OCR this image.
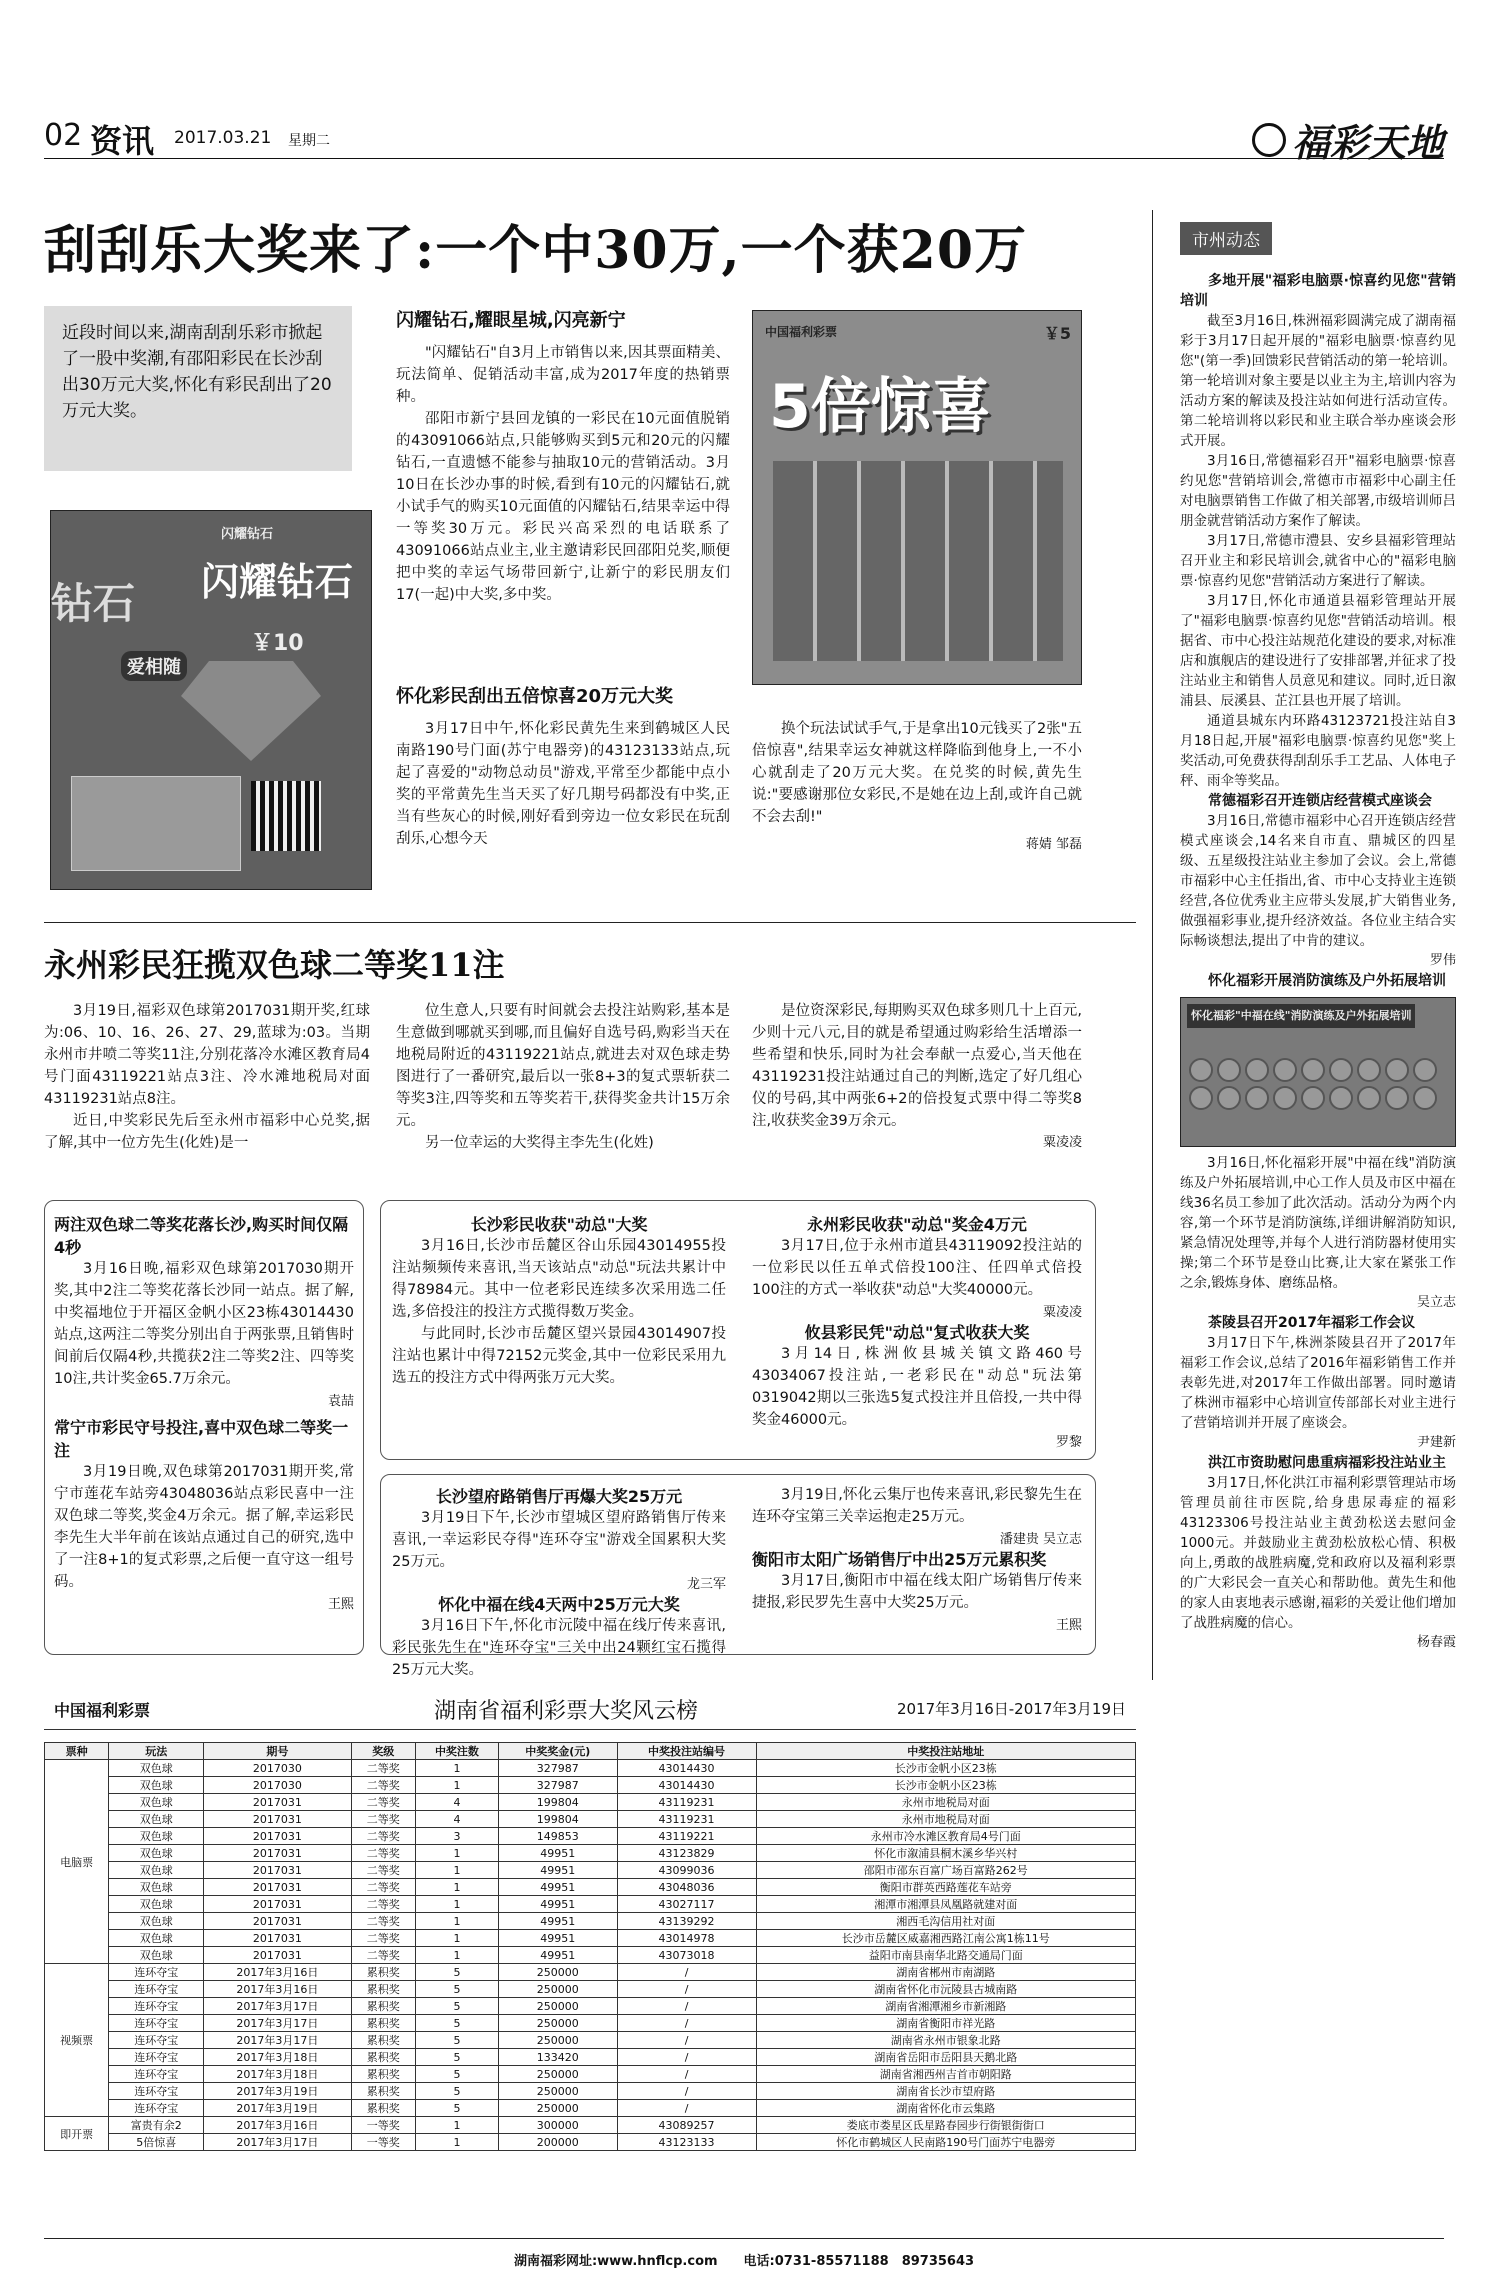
02 资讯 2017.03.21 星期二	福彩天地
刮刮乐大奖来了:一个中30万,一个获20万
近段时间以来,湖南刮刮乐彩市掀起了一股中奖潮,有邵阳彩民在长沙刮出30万元大奖,怀化有彩民刮出了20万元大奖。
闪耀钻石
钻石 闪耀钻石
爱相随
￥10
中国福利彩票	￥5
5倍惊喜
闪耀钻石,耀眼星城,闪亮新宁

"闪耀钻石"自3月上市销售以来,因其票面精美、玩法简单、促销活动丰富,成为2017年度的热销票种。

邵阳市新宁县回龙镇的一彩民在10元面值脱销的43091066站点,只能够购买到5元和20元的闪耀钻石,一直遗憾不能参与抽取10元的营销活动。3月10日在长沙办事的时候,看到有10元的闪耀钻石,就小试手气的购买10元面值的闪耀钻石,结果幸运中得一等奖30万元。彩民兴高采烈的电话联系了43091066站点业主,业主邀请彩民回邵阳兑奖,顺便把中奖的幸运气场带回新宁,让新宁的彩民朋友们17(一起)中大奖,多中奖。

怀化彩民刮出五倍惊喜20万元大奖

3月17日中午,怀化彩民黄先生来到鹤城区人民南路190号门面(苏宁电器旁)的43123133站点,玩起了喜爱的"动物总动员"游戏,平常至少都能中点小奖的平常黄先生当天买了好几期号码都没有中奖,正当有些灰心的时候,刚好看到旁边一位女彩民在玩刮刮乐,心想今天

换个玩法试试手气,于是拿出10元钱买了2张"五倍惊喜",结果幸运女神就这样降临到他身上,一不小心就刮走了20万元大奖。在兑奖的时候,黄先生说:"要感谢那位女彩民,不是她在边上刮,或许自己就不会去刮!"

蒋婧 邹磊
永州彩民狂揽双色球二等奖11注

3月19日,福彩双色球第2017031期开奖,红球为:06、10、16、26、27、29,蓝球为:03。当期永州市井喷二等奖11注,分别花落冷水滩区教育局4号门面43119221站点3注、冷水滩地税局对面43119231站点8注。

近日,中奖彩民先后至永州市福彩中心兑奖,据了解,其中一位方先生(化姓)是一

位生意人,只要有时间就会去投注站购彩,基本是生意做到哪就买到哪,而且偏好自选号码,购彩当天在地税局附近的43119221站点,就进去对双色球走势图进行了一番研究,最后以一张8+3的复式票斩获二等奖3注,四等奖和五等奖若干,获得奖金共计15万余元。

另一位幸运的大奖得主李先生(化姓)

是位资深彩民,每期购买双色球多则几十上百元,少则十元八元,目的就是希望通过购彩给生活增添一些希望和快乐,同时为社会奉献一点爱心,当天他在43119231投注站通过自己的判断,选定了好几组心仪的号码,其中两张6+2的倍投复式票中得二等奖8注,收获奖金39万余元。

粟凌凌
两注双色球二等奖花落长沙,购买时间仅隔4秒

3月16日晚,福彩双色球第2017030期开奖,其中2注二等奖花落长沙同一站点。据了解,中奖福地位于开福区金帆小区23栋43014430站点,这两注二等奖分别出自于两张票,且销售时间前后仅隔4秒,共揽获2注二等奖2注、四等奖10注,共计奖金65.7万余元。

袁喆
常宁市彩民守号投注,喜中双色球二等奖一注

3月19日晚,双色球第2017031期开奖,常宁市莲花车站旁43048036站点彩民喜中一注双色球二等奖,奖金4万余元。据了解,幸运彩民李先生大半年前在该站点通过自己的研究,选中了一注8+1的复式彩票,之后便一直守这一组号码。

王熙
长沙彩民收获"动总"大奖

3月16日,长沙市岳麓区谷山乐园43014955投注站频频传来喜讯,当天该站点"动总"玩法共累计中得78984元。其中一位老彩民连续多次采用选二任选,多倍投注的投注方式揽得数万奖金。

与此同时,长沙市岳麓区望兴景园43014907投注站也累计中得72152元奖金,其中一位彩民采用九选五的投注方式中得两张万元大奖。

永州彩民收获"动总"奖金4万元

3月17日,位于永州市道县43119092投注站的一位彩民以任五单式倍投100注、任四单式倍投100注的方式一举收获"动总"大奖40000元。

粟凌凌
攸县彩民凭"动总"复式收获大奖

3月14日,株洲攸县城关镇文路460号43034067投注站,一老彩民在"动总"玩法第0319042期以三张选5复式投注并且倍投,一共中得奖金46000元。

罗黎
长沙望府路销售厅再爆大奖25万元

3月19日下午,长沙市望城区望府路销售厅传来喜讯,一幸运彩民夺得"连环夺宝"游戏全国累积大奖25万元。

龙三军
怀化中福在线4天两中25万元大奖

3月16日下午,怀化市沅陵中福在线厅传来喜讯,彩民张先生在"连环夺宝"三关中出24颗红宝石揽得25万元大奖。

3月19日,怀化云集厅也传来喜讯,彩民黎先生在连环夺宝第三关幸运抱走25万元。

潘建贵 吴立志
衡阳市太阳广场销售厅中出25万元累积奖

3月17日,衡阳市中福在线太阳广场销售厅传来捷报,彩民罗先生喜中大奖25万元。

王熙
中国福利彩票	湖南省福利彩票大奖风云榜	2017年3月16日-2017年3月19日
票种	玩法	期号	奖级	中奖注数	中奖奖金(元)	中奖投注站编号	中奖投注站地址
电脑票	双色球	2017030	二等奖	1	327987	43014430	长沙市金帆小区23栋
	双色球	2017030	二等奖	1	327987	43014430	长沙市金帆小区23栋
	双色球	2017031	二等奖	4	199804	43119231	永州市地税局对面
	双色球	2017031	二等奖	4	199804	43119231	永州市地税局对面
	双色球	2017031	二等奖	3	149853	43119221	永州市冷水滩区教育局4号门面
	双色球	2017031	二等奖	1	49951	43123829	怀化市溆浦县桐木溪乡华兴村
	双色球	2017031	二等奖	1	49951	43099036	邵阳市邵东百富广场百富路262号
	双色球	2017031	二等奖	1	49951	43048036	衡阳市群英西路莲花车站旁
	双色球	2017031	二等奖	1	49951	43027117	湘潭市湘潭县凤凰路就建对面
	双色球	2017031	二等奖	1	49951	43139292	湘西毛沟信用社对面
	双色球	2017031	二等奖	1	49951	43014978	长沙市岳麓区威嘉湘西路江南公寓1栋11号
	双色球	2017031	二等奖	1	49951	43073018	益阳市南县南华北路交通局门面
视频票	连环夺宝	2017年3月16日	累积奖	5	250000	/	湖南省郴州市南湖路
	连环夺宝	2017年3月16日	累积奖	5	250000	/	湖南省怀化市沅陵县古城南路
	连环夺宝	2017年3月17日	累积奖	5	250000	/	湖南省湘潭湘乡市新湘路
	连环夺宝	2017年3月17日	累积奖	5	250000	/	湖南省衡阳市祥光路
	连环夺宝	2017年3月17日	累积奖	5	250000	/	湖南省永州市银象北路
	连环夺宝	2017年3月18日	累积奖	5	133420	/	湖南省岳阳市岳阳县天鹅北路
	连环夺宝	2017年3月18日	累积奖	5	250000	/	湖南省湘西州吉首市朝阳路
	连环夺宝	2017年3月19日	累积奖	5	250000	/	湖南省长沙市望府路
	连环夺宝	2017年3月19日	累积奖	5	250000	/	湖南省怀化市云集路
即开票	富贵有余2	2017年3月16日	一等奖	1	300000	43089257	娄底市娄星区氐星路春园步行街银街街口
	5倍惊喜	2017年3月17日	一等奖	1	200000	43123133	怀化市鹤城区人民南路190号门面苏宁电器旁
市州动态
多地开展"福彩电脑票·惊喜约见您"营销培训

截至3月16日,株洲福彩圆满完成了湖南福彩于3月17日起开展的"福彩电脑票·惊喜约见您"(第一季)回馈彩民营销活动的第一轮培训。第一轮培训对象主要是以业主为主,培训内容为活动方案的解读及投注站如何进行活动宣传。第二轮培训将以彩民和业主联合举办座谈会形式开展。

3月16日,常德福彩召开"福彩电脑票·惊喜约见您"营销培训会,常德市市福彩中心副主任对电脑票销售工作做了相关部署,市级培训师吕朋金就营销活动方案作了解读。

3月17日,常德市澧县、安乡县福彩管理站召开业主和彩民培训会,就省中心的"福彩电脑票·惊喜约见您"营销活动方案进行了解读。

3月17日,怀化市通道县福彩管理站开展了"福彩电脑票·惊喜约见您"营销活动培训。根据省、市中心投注站规范化建设的要求,对标准店和旗舰店的建设进行了安排部署,并征求了投注站业主和销售人员意见和建议。同时,近日溆浦县、辰溪县、芷江县也开展了培训。

通道县城东内环路43123721投注站自3月18日起,开展"福彩电脑票·惊喜约见您"奖上奖活动,可免费获得刮刮乐手工艺品、人体电子秤、雨伞等奖品。

常德福彩召开连锁店经营模式座谈会

3月16日,常德市福彩中心召开连锁店经营模式座谈会,14名来自市直、鼎城区的四星级、五星级投注站业主参加了会议。会上,常德市福彩中心主任指出,省、市中心支持业主连锁经营,各位优秀业主应带头发展,扩大销售业务,做强福彩事业,提升经济效益。各位业主结合实际畅谈想法,提出了中肯的建议。

罗伟
怀化福彩开展消防演练及户外拓展培训
怀化福彩"中福在线"消防演练及户外拓展培训

3月16日,怀化福彩开展"中福在线"消防演练及户外拓展培训,中心工作人员及市区中福在线36名员工参加了此次活动。活动分为两个内容,第一个环节是消防演练,详细讲解消防知识,紧急情况处理等,并每个人进行消防器材使用实操;第二个环节是登山比赛,让大家在紧张工作之余,锻炼身体、磨练品格。

吴立志
茶陵县召开2017年福彩工作会议

3月17日下午,株洲茶陵县召开了2017年福彩工作会议,总结了2016年福彩销售工作并表彰先进,对2017年工作做出部署。同时邀请了株洲市福彩中心培训宣传部部长对业主进行了营销培训并开展了座谈会。

尹建新
洪江市资助慰问患重病福彩投注站业主

3月17日,怀化洪江市福利彩票管理站市场管理员前往市医院,给身患尿毒症的福彩43123306号投注站业主黄劲松送去慰问金1000元。并鼓励业主黄劲松放松心情、积极向上,勇敢的战胜病魔,党和政府以及福利彩票的广大彩民会一直关心和帮助他。黄先生和他的家人由衷地表示感谢,福彩的关爱让他们增加了战胜病魔的信心。

杨春霞
湖南福彩网址:www.hnflcp.com　　电话:0731-85571188　89735643
